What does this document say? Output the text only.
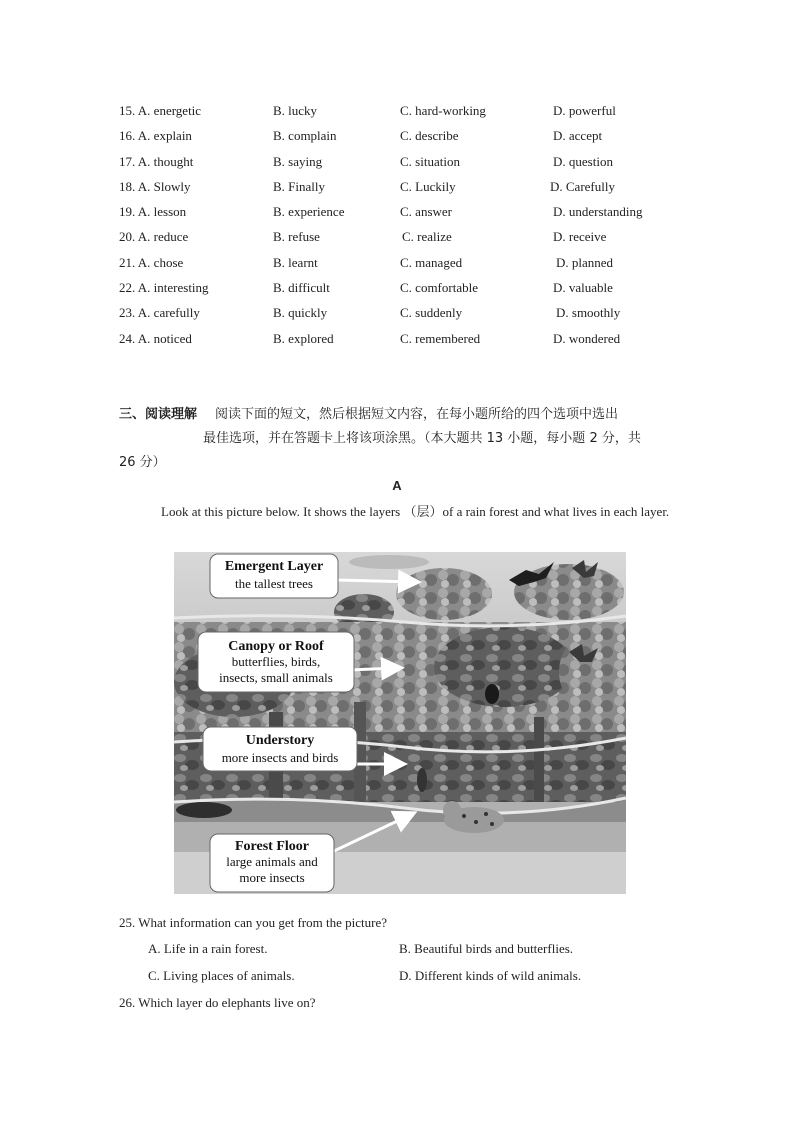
15. A. energetic	B. lucky	C. hard-working	D. powerful
16. A. explain	B. complain	C. describe	D. accept
17. A. thought	B. saying	C. situation	D. question
18. A. Slowly	B. Finally	C. Luckily	D. Carefully
19. A. lesson	B. experience	C. answer	D. understanding
20. A. reduce	B. refuse	C. realize	D. receive
21. A. chose	B. learnt	C. managed	D. planned
22. A. interesting	B. difficult	C. comfortable	D. valuable
23. A. carefully	B. quickly	C. suddenly	D. smoothly
24. A. noticed	B. explored	C. remembered	D. wondered
三、阅读理解 阅读下面的短文，然后根据短文内容，在每小题所给的四个选项中选出
最佳选项，并在答题卡上将该项涂黑。（本大题共 13 小题，每小题 2 分，共
26 分）
A
Look at this picture below. It shows the layers （层）of a rain forest and what lives in each layer.
Emergent Layer
the tallest trees
Canopy or Roof
butterflies, birds,
insects, small animals
Understory
more insects and birds
Forest Floor
large animals and
more insects
25. What information can you get from the picture?
A. Life in a rain forest.	B. Beautiful birds and butterflies.
C. Living places of animals.	D. Different kinds of wild animals.
26. Which layer do elephants live on?
